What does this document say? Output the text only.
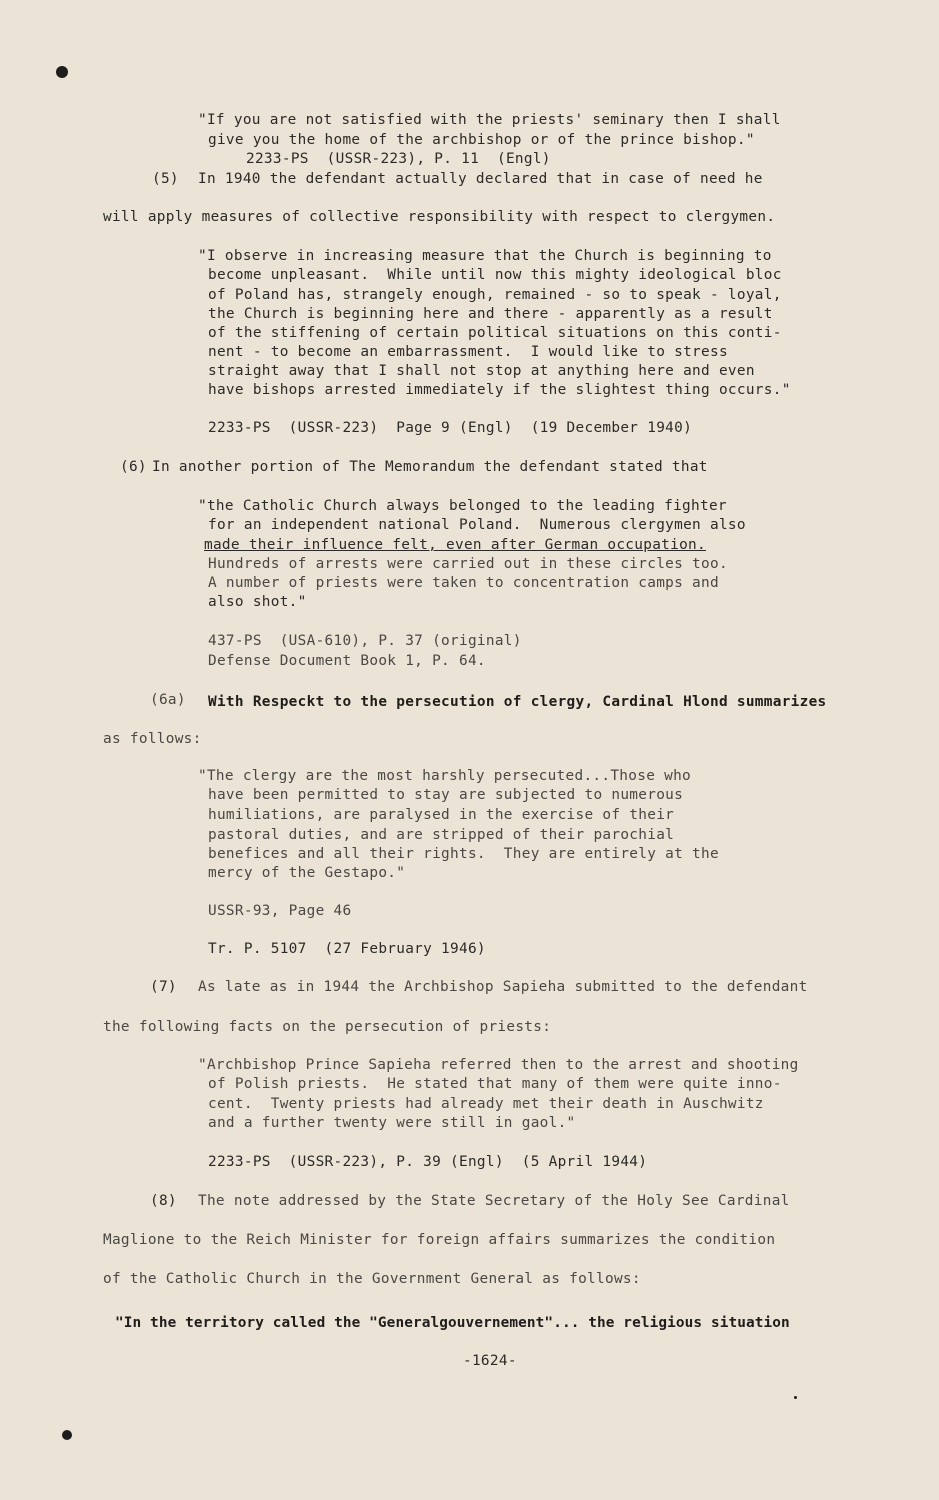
"If you are not satisfied with the priests' seminary then I shall
give you the home of the archbishop or of the prince bishop."
2233-PS  (USSR-223), P. 11  (Engl)
(5) In 1940 the defendant actually declared that in case of need he
will apply measures of collective responsibility with respect to clergymen.
"I observe in increasing measure that the Church is beginning to
become unpleasant.  While until now this mighty ideological bloc
of Poland has, strangely enough, remained - so to speak - loyal,
the Church is beginning here and there - apparently as a result
of the stiffening of certain political situations on this conti-
nent - to become an embarrassment.  I would like to stress
straight away that I shall not stop at anything here and even
have bishops arrested immediately if the slightest thing occurs."
2233-PS  (USSR-223)  Page 9 (Engl)  (19 December 1940)
(6) In another portion of The Memorandum the defendant stated that
"the Catholic Church always belonged to the leading fighter
for an independent national Poland.  Numerous clergymen also
made their influence felt, even after German occupation.
Hundreds of arrests were carried out in these circles too.
A number of priests were taken to concentration camps and
also shot."
437-PS  (USA-610), P. 37 (original)
Defense Document Book 1, P. 64.
(6a) With Respeckt to the persecution of clergy, Cardinal Hlond summarizes
as follows:
"The clergy are the most harshly persecuted...Those who
have been permitted to stay are subjected to numerous
humiliations, are paralysed in the exercise of their
pastoral duties, and are stripped of their parochial
benefices and all their rights.  They are entirely at the
mercy of the Gestapo."
USSR-93, Page 46
Tr. P. 5107  (27 February 1946)
(7) As late as in 1944 the Archbishop Sapieha submitted to the defendant
the following facts on the persecution of priests:
"Archbishop Prince Sapieha referred then to the arrest and shooting
of Polish priests.  He stated that many of them were quite inno-
cent.  Twenty priests had already met their death in Auschwitz
and a further twenty were still in gaol."
2233-PS  (USSR-223), P. 39 (Engl)  (5 April 1944)
(8) The note addressed by the State Secretary of the Holy See Cardinal
Maglione to the Reich Minister for foreign affairs summarizes the condition
of the Catholic Church in the Government General as follows:
"In the territory called the "Generalgouvernement"... the religious situation
-1624-
